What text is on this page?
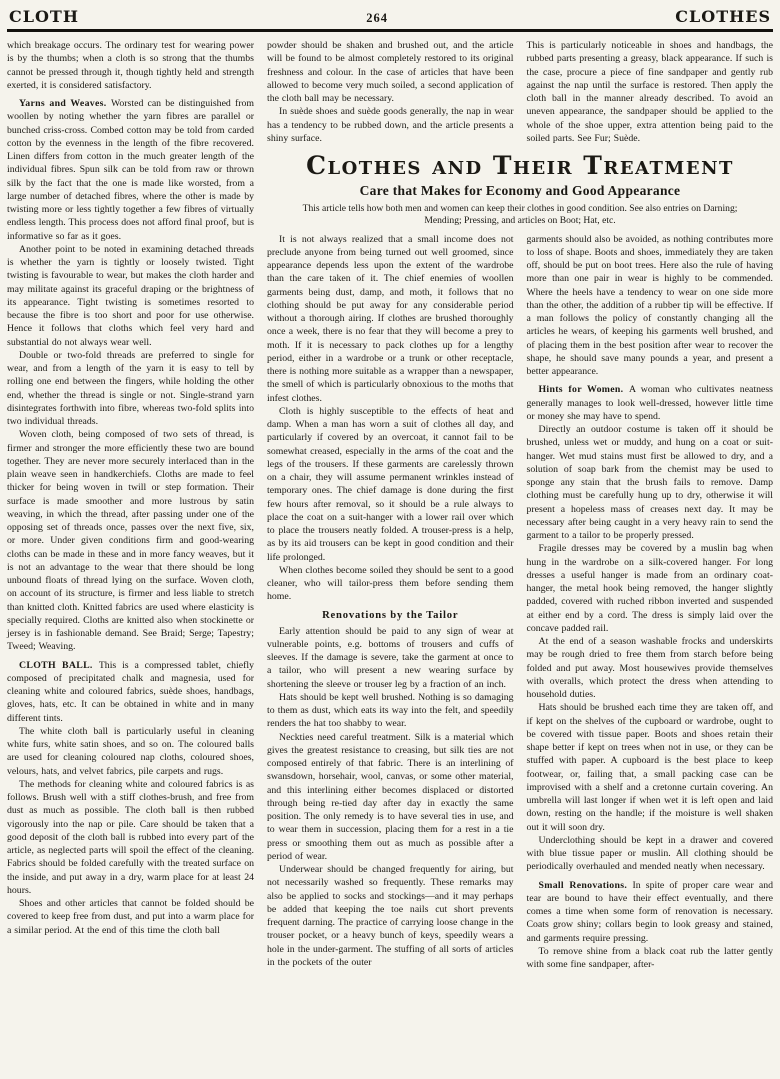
CLOTH	264	CLOTHES

which breakage occurs. The ordinary test for wearing power is by the thumbs; when a cloth is so strong that the thumbs cannot be pressed through it, though tightly held and strength exerted, it is considered satisfactory.

Yarns and Weaves. Worsted can be distinguished from woollen by noting whether the yarn fibres are parallel or bunched criss-cross. Combed cotton may be told from carded cotton by the evenness in the length of the fibre recovered. Linen differs from cotton in the much greater length of the individual fibres. Spun silk can be told from raw or thrown silk by the fact that the one is made like worsted, from a large number of detached fibres, where the other is made by twisting more or less tightly together a few fibres of virtually endless length. This process does not afford final proof, but is informative so far as it goes.

Another point to be noted in examining detached threads is whether the yarn is tightly or loosely twisted. Tight twisting is favourable to wear, but makes the cloth harder and may militate against its graceful draping or the brightness of its appearance. Tight twisting is sometimes resorted to because the fibre is too short and poor for use otherwise. Hence it follows that cloths which feel very hard and substantial do not always wear well.

Double or two-fold threads are preferred to single for wear, and from a length of the yarn it is easy to tell by rolling one end between the fingers, while holding the other end, whether the thread is single or not. Single-strand yarn disintegrates forthwith into fibre, whereas two-fold splits into two individual threads.

Woven cloth, being composed of two sets of thread, is firmer and stronger the more efficiently these two are bound together. They are never more securely interlaced than in the plain weave seen in handkerchiefs. Cloths are made to feel thicker for being woven in twill or step formation. Their surface is made smoother and more lustrous by satin weaving, in which the thread, after passing under one of the opposing set of threads once, passes over the next five, six, or more. Under given conditions firm and good-wearing cloths can be made in these and in more fancy weaves, but it is not an advantage to the wear that there should be long unbound floats of thread lying on the surface. Woven cloth, on account of its structure, is firmer and less liable to stretch than knitted cloth. Knitted fabrics are used where elasticity is specially required. Cloths are knitted also when stockinette or jersey is in fashionable demand. See Braid; Serge; Tapestry; Tweed; Weaving.

CLOTH BALL. This is a compressed tablet, chiefly composed of precipitated chalk and magnesia, used for cleaning white and coloured fabrics, suède shoes, handbags, gloves, hats, etc. It can be obtained in white and in many different tints.

The white cloth ball is particularly useful in cleaning white furs, white satin shoes, and so on. The coloured balls are used for cleaning coloured nap cloths, coloured shoes, velours, hats, and velvet fabrics, pile carpets and rugs.

The methods for cleaning white and coloured fabrics is as follows. Brush well with a stiff clothes-brush, and free from dust as much as possible. The cloth ball is then rubbed vigorously into the nap or pile. Care should be taken that a good deposit of the cloth ball is rubbed into every part of the article, as neglected parts will spoil the effect of the cleaning. Fabrics should be folded carefully with the treated surface on the inside, and put away in a dry, warm place for at least 24 hours.

Shoes and other articles that cannot be folded should be covered to keep free from dust, and put into a warm place for a similar period. At the end of this time the cloth ball

powder should be shaken and brushed out, and the article will be found to be almost completely restored to its original freshness and colour. In the case of articles that have been allowed to become very much soiled, a second application of the cloth ball may be necessary.

In suède shoes and suède goods generally, the nap in wear has a tendency to be rubbed down, and the article presents a shiny surface.

This is particularly noticeable in shoes and handbags, the rubbed parts presenting a greasy, black appearance. If such is the case, procure a piece of fine sandpaper and gently rub against the nap until the surface is restored. Then apply the cloth ball in the manner already described. To avoid an uneven appearance, the sandpaper should be applied to the whole of the shoe upper, extra attention being paid to the soiled parts. See Fur; Suède.

Clothes and Their Treatment
Care that Makes for Economy and Good Appearance
This article tells how both men and women can keep their clothes in good condition. See also entries on Darning; Mending; Pressing, and articles on Boot; Hat, etc.

It is not always realized that a small income does not preclude anyone from being turned out well groomed, since appearance depends less upon the extent of the wardrobe than the care taken of it. The chief enemies of woollen garments being dust, damp, and moth, it follows that no clothing should be put away for any considerable period without a thorough airing. If clothes are brushed thoroughly once a week, there is no fear that they will become a prey to moth. If it is necessary to pack clothes up for a lengthy period, either in a wardrobe or a trunk or other receptacle, there is nothing more suitable as a wrapper than a newspaper, the smell of which is particularly obnoxious to the moths that infest clothes.

Cloth is highly susceptible to the effects of heat and damp. When a man has worn a suit of clothes all day, and particularly if covered by an overcoat, it cannot fail to be somewhat creased, especially in the arms of the coat and the legs of the trousers. If these garments are carelessly thrown on a chair, they will assume permanent wrinkles instead of temporary ones. The chief damage is done during the first few hours after removal, so it should be a rule always to place the coat on a suit-hanger with a lower rail over which to place the trousers neatly folded. A trouser-press is a help, as by its aid trousers can be kept in good condition and their life prolonged.

When clothes become soiled they should be sent to a good cleaner, who will tailor-press them before sending them home.

Renovations by the Tailor

Early attention should be paid to any sign of wear at vulnerable points, e.g. bottoms of trousers and cuffs of sleeves. If the damage is severe, take the garment at once to a tailor, who will present a new wearing surface by shortening the sleeve or trouser leg by a fraction of an inch.

Hats should be kept well brushed. Nothing is so damaging to them as dust, which eats its way into the felt, and speedily renders the hat too shabby to wear.

Neckties need careful treatment. Silk is a material which gives the greatest resistance to creasing, but silk ties are not composed entirely of that fabric. There is an interlining of swansdown, horsehair, wool, canvas, or some other material, and this interlining either becomes displaced or distorted through being re-tied day after day in exactly the same position. The only remedy is to have several ties in use, and to wear them in succession, placing them for a rest in a tie press or smoothing them out as much as possible after a period of wear.

Underwear should be changed frequently for airing, but not necessarily washed so frequently. These remarks may also be applied to socks and stockings—and it may perhaps be added that keeping the toe nails cut short prevents frequent darning. The practice of carrying loose change in the trouser pocket, or a heavy bunch of keys, speedily wears a hole in the under-garment. The stuffing of all sorts of articles in the pockets of the outer

garments should also be avoided, as nothing contributes more to loss of shape. Boots and shoes, immediately they are taken off, should be put on boot trees. Here also the rule of having more than one pair in wear is highly to be commended. Where the heels have a tendency to wear on one side more than the other, the addition of a rubber tip will be effective. If a man follows the policy of constantly changing all the articles he wears, of keeping his garments well brushed, and of placing them in the best position after wear to recover the shape, he should save many pounds a year, and present a better appearance.

Hints for Women. A woman who cultivates neatness generally manages to look well-dressed, however little time or money she may have to spend.

Directly an outdoor costume is taken off it should be brushed, unless wet or muddy, and hung on a coat or suit-hanger. Wet mud stains must first be allowed to dry, and a solution of soap bark from the chemist may be used to sponge any stain that the brush fails to remove. Damp clothing must be carefully hung up to dry, otherwise it will present a hopeless mass of creases next day. It may be necessary after being caught in a very heavy rain to send the garment to a tailor to be properly pressed.

Fragile dresses may be covered by a muslin bag when hung in the wardrobe on a silk-covered hanger. For long dresses a useful hanger is made from an ordinary coat-hanger, the metal hook being removed, the hanger slightly padded, covered with ruched ribbon inverted and suspended at either end by a cord. The dress is simply laid over the concave padded rail.

At the end of a season washable frocks and underskirts may be rough dried to free them from starch before being folded and put away. Most housewives provide themselves with overalls, which protect the dress when attending to household duties.

Hats should be brushed each time they are taken off, and if kept on the shelves of the cupboard or wardrobe, ought to be covered with tissue paper. Boots and shoes retain their shape better if kept on trees when not in use, or they can be stuffed with paper. A cupboard is the best place to keep footwear, or, failing that, a small packing case can be improvised with a shelf and a cretonne curtain covering. An umbrella will last longer if when wet it is left open and laid down, resting on the handle; if the moisture is well shaken out it will soon dry.

Underclothing should be kept in a drawer and covered with blue tissue paper or muslin. All clothing should be periodically overhauled and mended neatly when necessary.

Small Renovations. In spite of proper care wear and tear are bound to have their effect eventually, and there comes a time when some form of renovation is necessary. Coats grow shiny; collars begin to look greasy and stained, and garments require pressing.

To remove shine from a black coat rub the latter gently with some fine sandpaper, after-
